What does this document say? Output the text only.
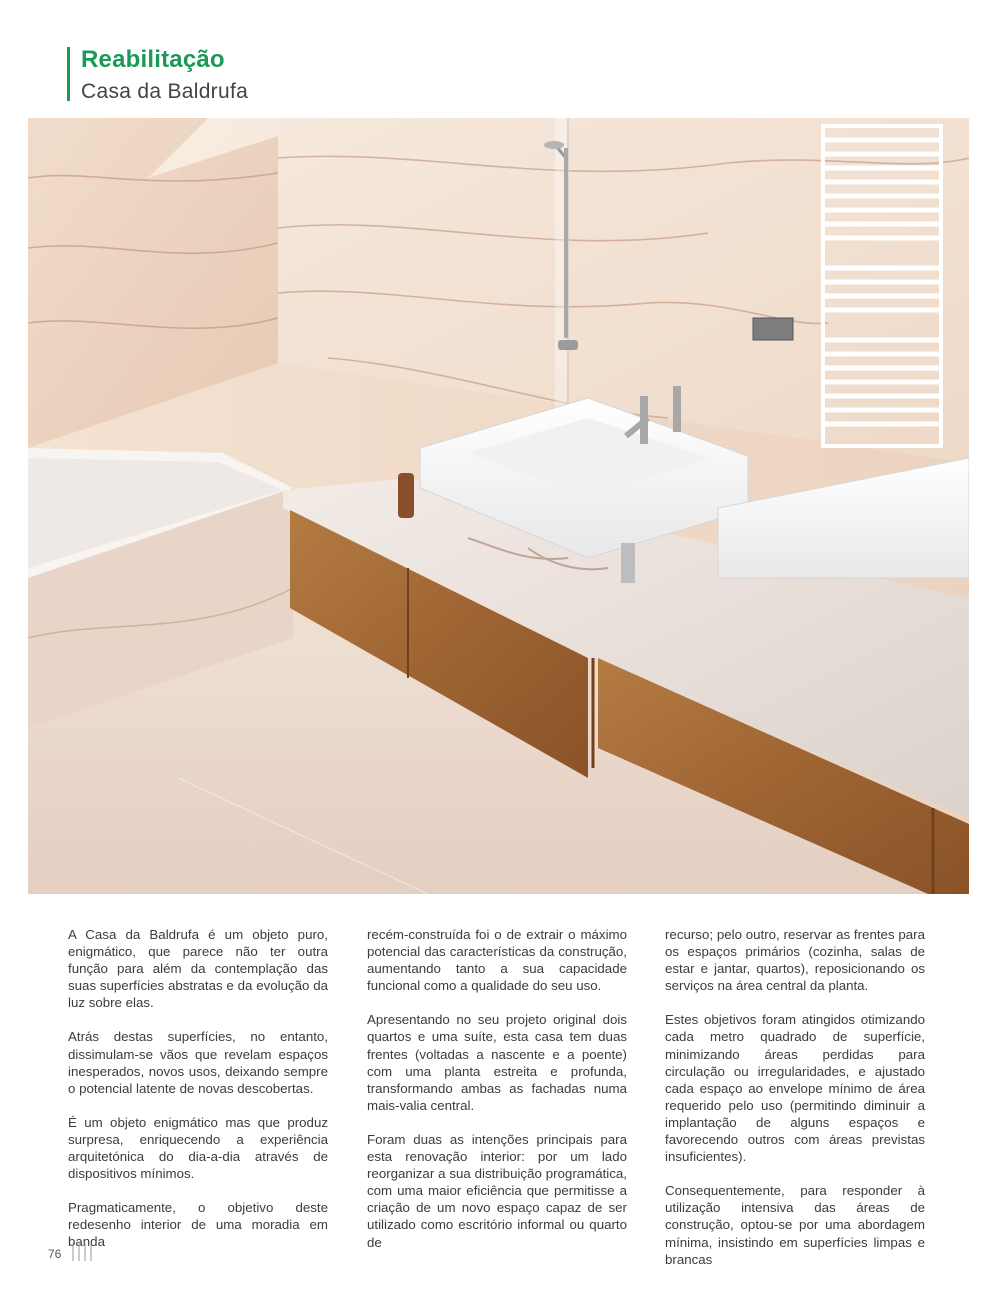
Reabilitação
Casa da Baldrufa

A Casa da Baldrufa é um objeto puro, enigmático, que parece não ter outra função para além da contemplação das suas superfícies abstratas e da evolução da luz sobre elas.

Atrás destas superfícies, no entanto, dissimulam-se vãos que revelam espaços inesperados, novos usos, deixando sempre o potencial latente de novas descobertas.

É um objeto enigmático mas que produz surpresa, enriquecendo a experiência arquitetónica do dia-a-dia através de dispositivos mínimos.

Pragmaticamente, o objetivo deste redesenho interior de uma moradia em banda

recém-construída foi o de extrair o máximo potencial das características da construção, aumentando tanto a sua capacidade funcional como a qualidade do seu uso.

Apresentando no seu projeto original dois quartos e uma suíte, esta casa tem duas frentes (voltadas a nascente e a poente) com uma planta estreita e profunda, transformando ambas as fachadas numa mais-valia central.

Foram duas as intenções principais para esta renovação interior: por um lado reorganizar a sua distribuição programática, com uma maior eficiência que permitisse a criação de um novo espaço capaz de ser utilizado como escritório informal ou quarto de

recurso; pelo outro, reservar as frentes para os espaços primários (cozinha, salas de estar e jantar, quartos), reposicionando os serviços na área central da planta.

Estes objetivos foram atingidos otimizando cada metro quadrado de superfície, minimizando áreas perdidas para circulação ou irregularidades, e ajustado cada espaço ao envelope mínimo de área requerido pelo uso (permitindo diminuir a implantação de alguns espaços e favorecendo outros com áreas previstas insuficientes).

Consequentemente, para responder à utilização intensiva das áreas de construção, optou-se por uma abordagem mínima, insistindo em superfícies limpas e brancas

76
